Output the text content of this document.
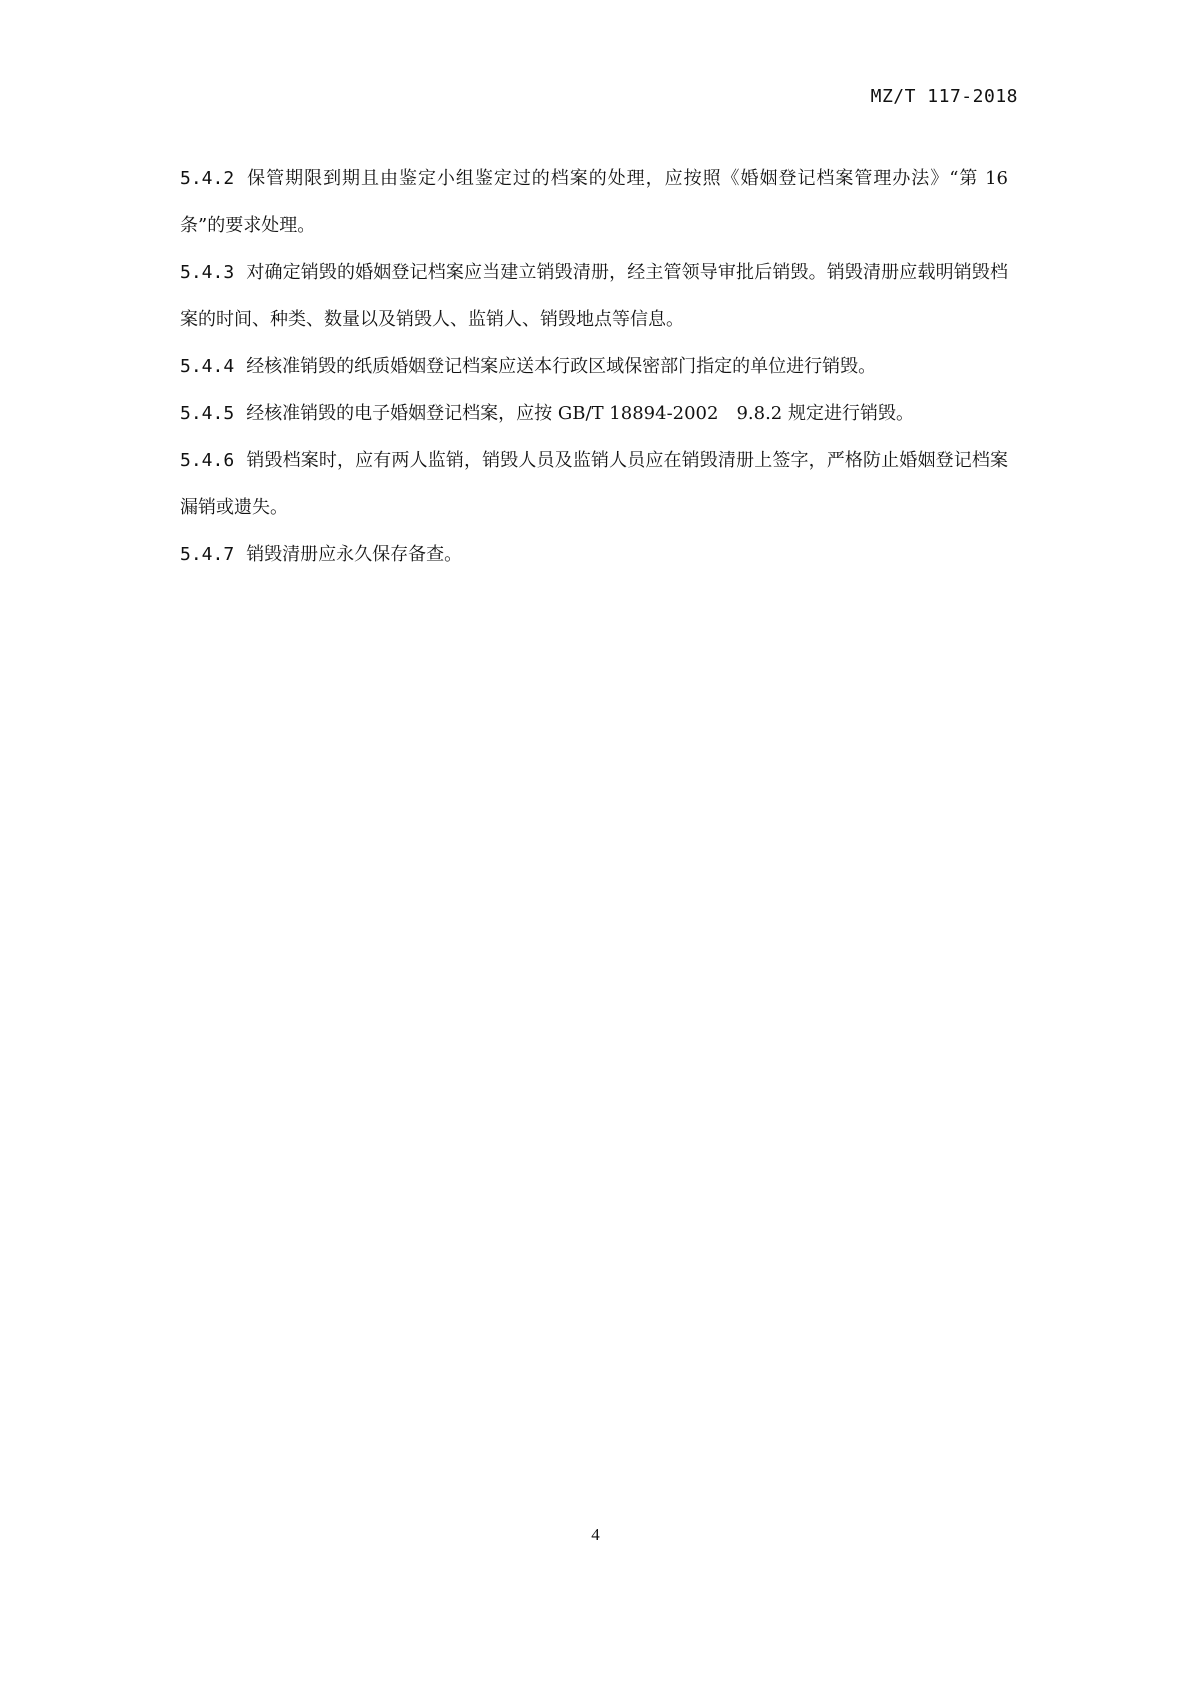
MZ/T 117-2018

5.4.2 保管期限到期且由鉴定小组鉴定过的档案的处理，应按照《婚姻登记档案管理办法》“第 16 条”的要求处理。

5.4.3 对确定销毁的婚姻登记档案应当建立销毁清册，经主管领导审批后销毁。销毁清册应载明销毁档案的时间、种类、数量以及销毁人、监销人、销毁地点等信息。

5.4.4 经核准销毁的纸质婚姻登记档案应送本行政区域保密部门指定的单位进行销毁。

5.4.5 经核准销毁的电子婚姻登记档案，应按 GB/T 18894-2002　9.8.2 规定进行销毁。

5.4.6 销毁档案时，应有两人监销，销毁人员及监销人员应在销毁清册上签字，严格防止婚姻登记档案漏销或遗失。

5.4.7 销毁清册应永久保存备查。

4
